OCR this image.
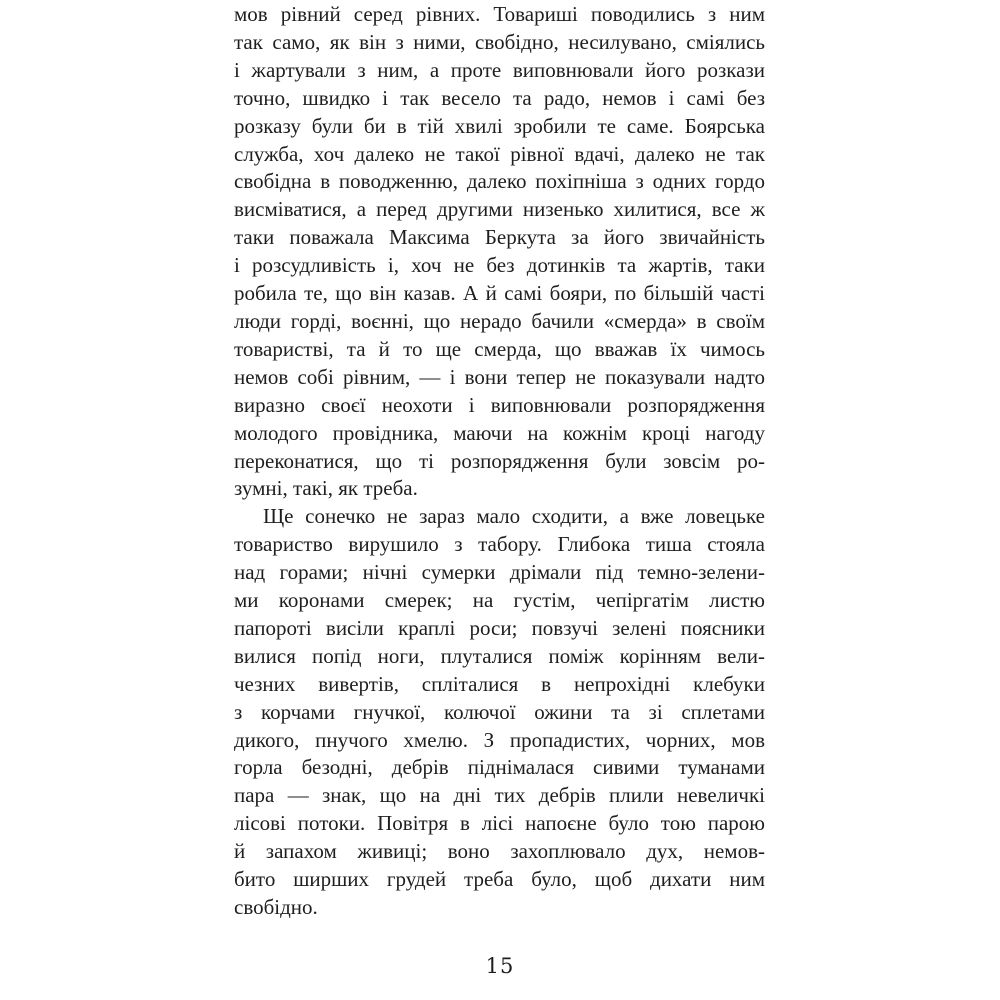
мов рівний серед рівних. Товариші поводились з ним
так само, як він з ними, свобідно, несилувано, сміялись
і жартували з ним, а проте виповнювали його розкази
точно, швидко і так весело та радо, немов і самі без
розказу були би в тій хвилі зробили те саме. Боярська
служба, хоч далеко не такої рівної вдачі, далеко не так
свобідна в поводженню, далеко похіпніша з одних гордо
висміватися, а перед другими низенько хилитися, все ж
таки поважала Максима Беркута за його звичайність
і розсудливість і, хоч не без дотинків та жартів, таки
робила те, що він казав. А й самі бояри, по більшій часті
люди горді, воєнні, що нерадо бачили «смерда» в своїм
товаристві, та й то ще смерда, що вважав їх чимось
немов собі рівним, — і вони тепер не показували надто
виразно своєї неохоти і виповнювали розпорядження
молодого провідника, маючи на кожнім кроці нагоду
переконатися, що ті розпорядження були зовсім ро-
зумні, такі, як треба.

Ще сонечко не зараз мало сходити, а вже ловецьке
товариство вирушило з табору. Глибока тиша стояла
над горами; нічні сумерки дрімали під темно-зелени-
ми коронами смерек; на густім, чепіргатім листю
папороті висіли краплі роси; повзучі зелені поясники
вилися попід ноги, плуталися поміж корінням вели-
чезних вивертів, спліталися в непрохідні клебуки
з корчами гнучкої, колючої ожини та зі сплетами
дикого, пнучого хмелю. З пропадистих, чорних, мов
горла безодні, дебрів піднімалася сивими туманами
пара — знак, що на дні тих дебрів плили невеличкі
лісові потоки. Повітря в лісі напоєне було тою парою
й запахом живиці; воно захоплювало дух, немов-
бито ширших грудей треба було, щоб дихати ним
свобідно.

15
